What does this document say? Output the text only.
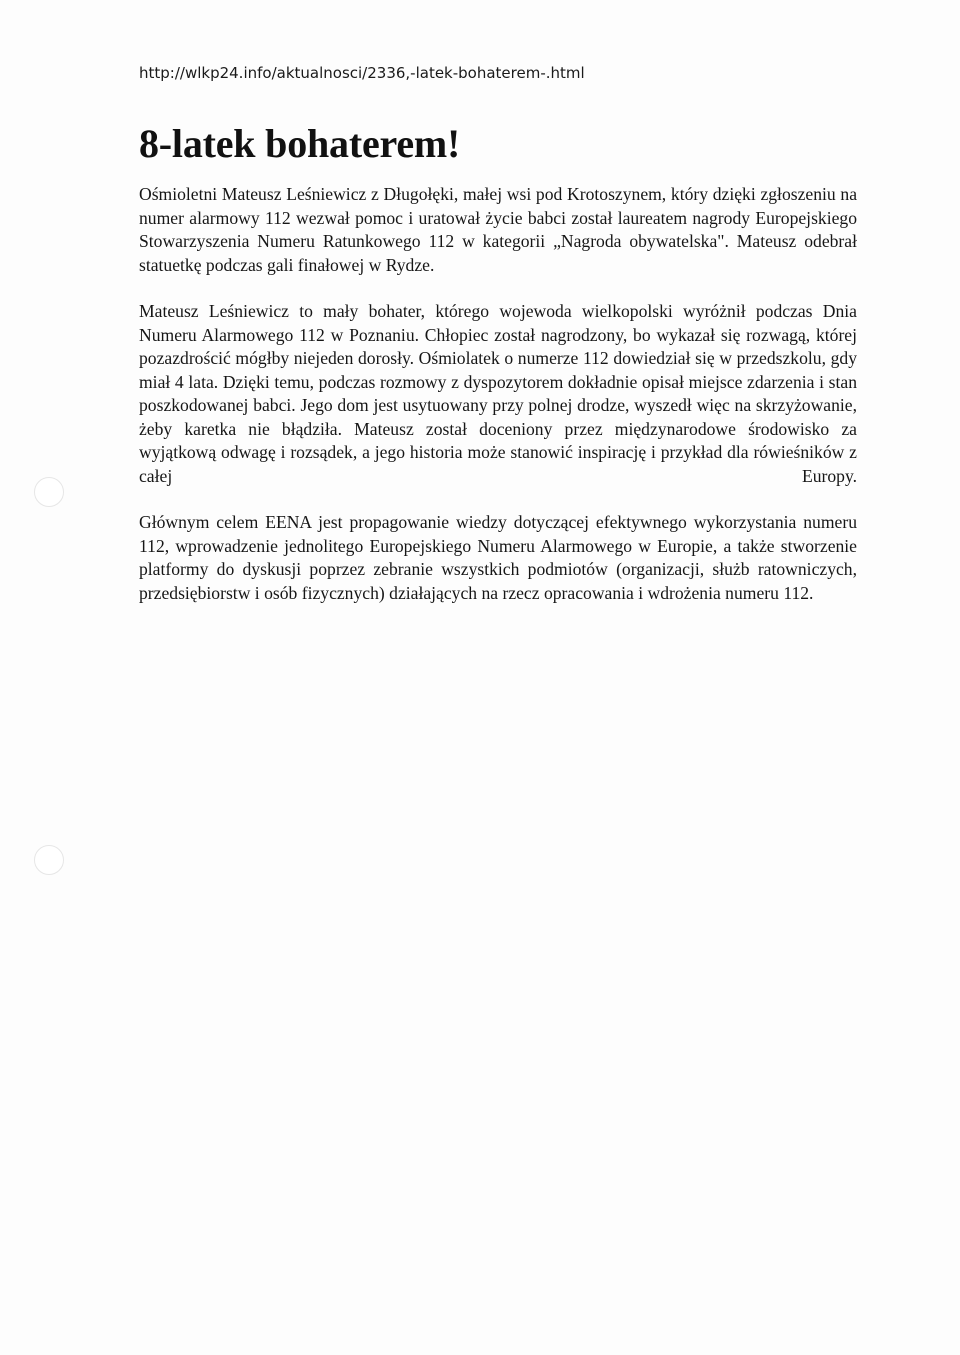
http://wlkp24.info/aktualnosci/2336,-latek-bohaterem-.html
8-latek bohaterem!

Ośmioletni Mateusz Leśniewicz z Długołęki, małej wsi pod Krotoszynem, który dzięki zgłoszeniu na numer alarmowy 112 wezwał pomoc i uratował życie babci został laureatem nagrody Europejskiego Stowarzyszenia Numeru Ratunkowego 112 w kategorii „Nagroda obywatelska". Mateusz odebrał statuetkę podczas gali finałowej w Rydze.

Mateusz Leśniewicz to mały bohater, którego wojewoda wielkopolski wyróżnił podczas Dnia Numeru Alarmowego 112 w Poznaniu. Chłopiec został nagrodzony, bo wykazał się rozwagą, której pozazdrościć mógłby niejeden dorosły. Ośmiolatek o numerze 112 dowiedział się w przedszkolu, gdy miał 4 lata. Dzięki temu, podczas rozmowy z dyspozytorem dokładnie opisał miejsce zdarzenia i stan poszkodowanej babci. Jego dom jest usytuowany przy polnej drodze, wyszedł więc na skrzyżowanie, żeby karetka nie błądziła. Mateusz został doceniony przez międzynarodowe środowisko za wyjątkową odwagę i rozsądek, a jego historia może stanowić inspirację i przykład dla rówieśników z całej Europy.

Głównym celem EENA jest propagowanie wiedzy dotyczącej efektywnego wykorzystania numeru 112, wprowadzenie jednolitego Europejskiego Numeru Alarmowego w Europie, a także stworzenie platformy do dyskusji poprzez zebranie wszystkich podmiotów (organizacji, służb ratowniczych, przedsiębiorstw i osób fizycznych) działających na rzecz opracowania i wdrożenia numeru 112.
